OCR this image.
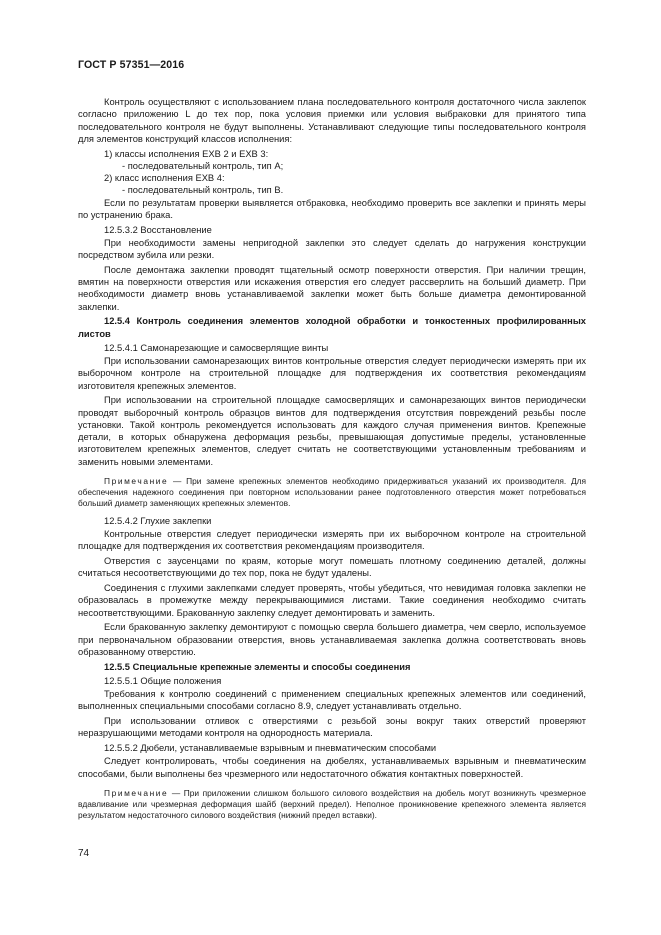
ГОСТ Р 57351—2016

Контроль осуществляют с использованием плана последовательного контроля достаточного числа заклепок согласно приложению L до тех пор, пока условия приемки или условия выбраковки для принятого типа последовательного контроля не будут выполнены. Устанавливают следующие типы последовательного контроля для элементов конструкций классов исполнения:

1) классы исполнения EXB 2 и EXB 3:

- последовательный контроль, тип А;

2) класс исполнения EXB 4:

- последовательный контроль, тип В.

Если по результатам проверки выявляется отбраковка, необходимо проверить все заклепки и принять меры по устранению брака.

12.5.3.2 Восстановление

При необходимости замены непригодной заклепки это следует сделать до нагружения конструкции посредством зубила или резки.

После демонтажа заклепки проводят тщательный осмотр поверхности отверстия. При наличии трещин, вмятин на поверхности отверстия или искажения отверстия его следует рассверлить на больший диаметр. При необходимости диаметр вновь устанавливаемой заклепки может быть больше диаметра демонтированной заклепки.

12.5.4 Контроль соединения элементов холодной обработки и тонкостенных профилированных листов

12.5.4.1 Самонарезающие и самосверлящие винты

При использовании самонарезающих винтов контрольные отверстия следует периодически измерять при их выборочном контроле на строительной площадке для подтверждения их соответствия рекомендациям изготовителя крепежных элементов.

При использовании на строительной площадке самосверлящих и самонарезающих винтов периодически проводят выборочный контроль образцов винтов для подтверждения отсутствия повреждений резьбы после установки. Такой контроль рекомендуется использовать для каждого случая применения винтов. Крепежные детали, в которых обнаружена деформация резьбы, превышающая допустимые пределы, установленные изготовителем крепежных элементов, следует считать не соответствующими установленным требованиям и заменить новыми элементами.

Примечание — При замене крепежных элементов необходимо придерживаться указаний их производителя. Для обеспечения надежного соединения при повторном использовании ранее подготовленного отверстия может потребоваться больший диаметр заменяющих крепежных элементов.

12.5.4.2 Глухие заклепки

Контрольные отверстия следует периодически измерять при их выборочном контроле на строительной площадке для подтверждения их соответствия рекомендациям производителя.

Отверстия с заусенцами по краям, которые могут помешать плотному соединению деталей, должны считаться несоответствующими до тех пор, пока не будут удалены.

Соединения с глухими заклепками следует проверять, чтобы убедиться, что невидимая головка заклепки не образовалась в промежутке между перекрывающимися листами. Такие соединения необходимо считать несоответствующими. Бракованную заклепку следует демонтировать и заменить.

Если бракованную заклепку демонтируют с помощью сверла большего диаметра, чем сверло, используемое при первоначальном образовании отверстия, вновь устанавливаемая заклепка должна соответствовать вновь образованному отверстию.

12.5.5 Специальные крепежные элементы и способы соединения

12.5.5.1 Общие положения

Требования к контролю соединений с применением специальных крепежных элементов или соединений, выполненных специальными способами согласно 8.9, следует устанавливать отдельно.

При использовании отливок с отверстиями с резьбой зоны вокруг таких отверстий проверяют неразрушающими методами контроля на однородность материала.

12.5.5.2 Дюбели, устанавливаемые взрывным и пневматическим способами

Следует контролировать, чтобы соединения на дюбелях, устанавливаемых взрывным и пневматическим способами, были выполнены без чрезмерного или недостаточного обжатия контактных поверхностей.

Примечание — При приложении слишком большого силового воздействия на дюбель могут возникнуть чрезмерное вдавливание или чрезмерная деформация шайб (верхний предел). Неполное проникновение крепежного элемента является результатом недостаточного силового воздействия (нижний предел вставки).

74
